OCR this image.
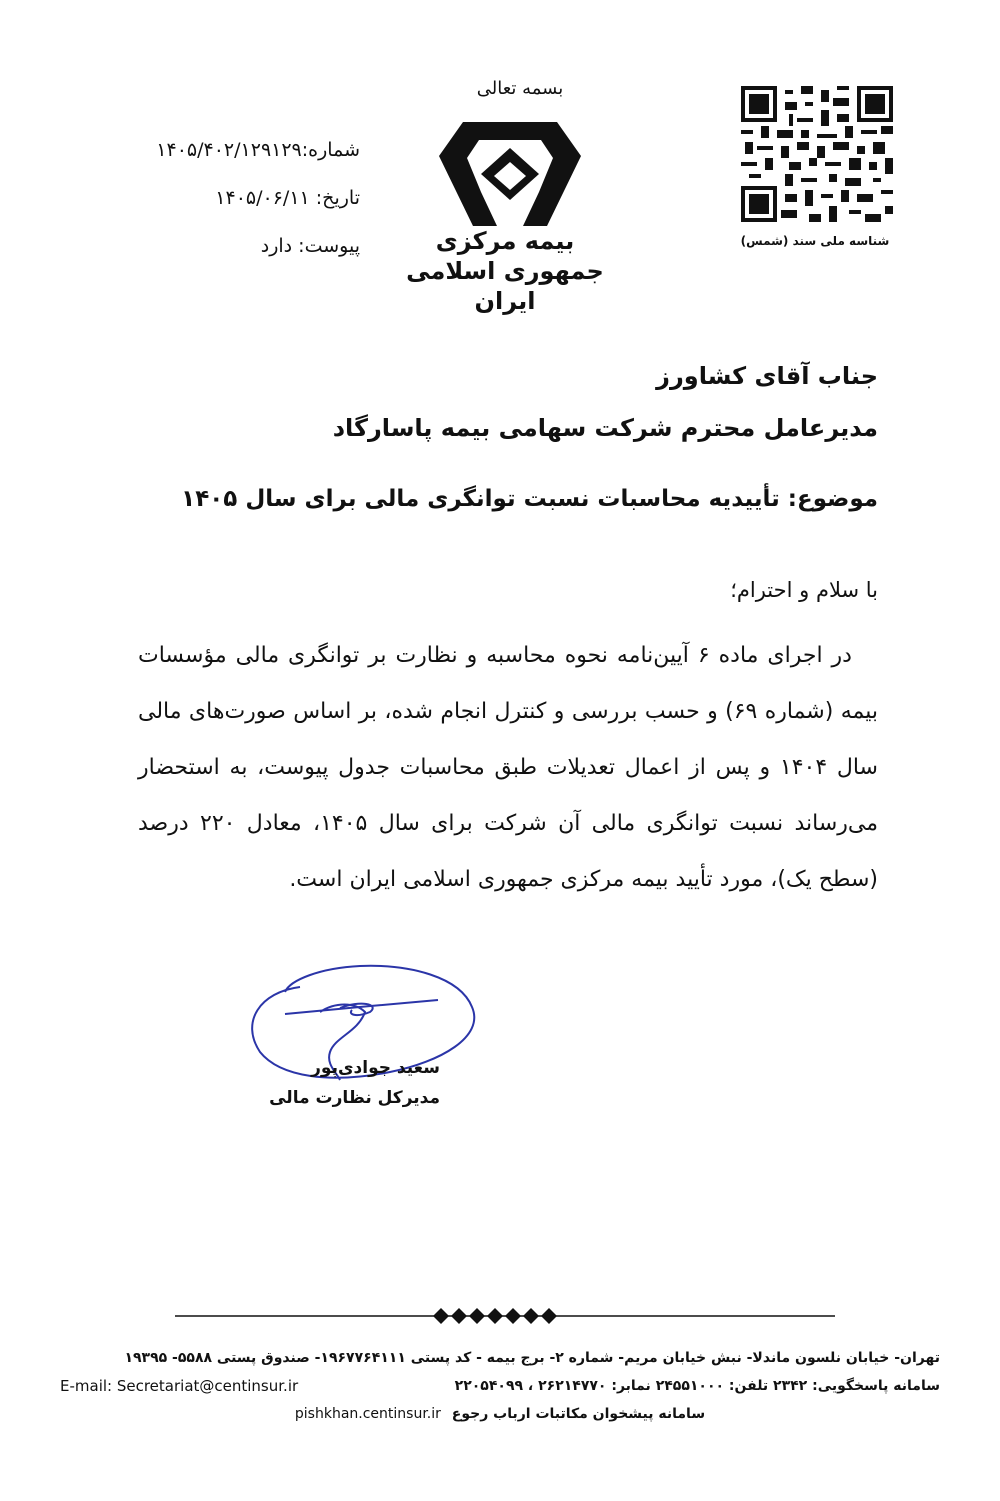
شماره:۱۴۰۵/۴۰۲/۱۲۹۱۲۹
تاریخ: ۱۴۰۵/۰۶/۱۱
پیوست: دارد
بسمه تعالی
بیمه مرکزی
جمهوری اسلامی ایران
شناسه ملی سند (شمس)
جناب آقای کشاورز
مدیرعامل محترم شرکت سهامی بیمه پاسارگاد
موضوع: تأییدیه محاسبات نسبت توانگری مالی برای سال ۱۴۰۵
با سلام و احترام؛
در اجرای ماده ۶ آیین‌نامه نحوه محاسبه و نظارت بر توانگری مالی مؤسسات بیمه (شماره ۶۹) و حسب بررسی و کنترل انجام شده، بر اساس صورت‌های مالی سال ۱۴۰۴ و پس از اعمال تعدیلات طبق محاسبات جدول پیوست، به استحضار می‌رساند نسبت توانگری مالی آن شرکت برای سال ۱۴۰۵، معادل ۲۲۰ درصد (سطح یک)، مورد تأیید بیمه مرکزی جمهوری اسلامی ایران است.
سعید جوادی‌پور
مدیرکل نظارت مالی
تهران- خیابان نلسون ماندلا- نبش خیابان مریم- شماره ۲- برج بیمه - کد پستی ۱۹۶۷۷۶۴۱۱۱- صندوق پستی ۵۵۸۸- ۱۹۳۹۵
E-mail: Secretariat@centinsur.ir	سامانه پاسخگویی: ۲۳۴۲ تلفن: ۲۴۵۵۱۰۰۰ نمابر: ۲۶۲۱۴۷۷۰ ، ۲۲۰۵۴۰۹۹
سامانه پیشخوان مکاتبات ارباب رجوع pishkhan.centinsur.ir
